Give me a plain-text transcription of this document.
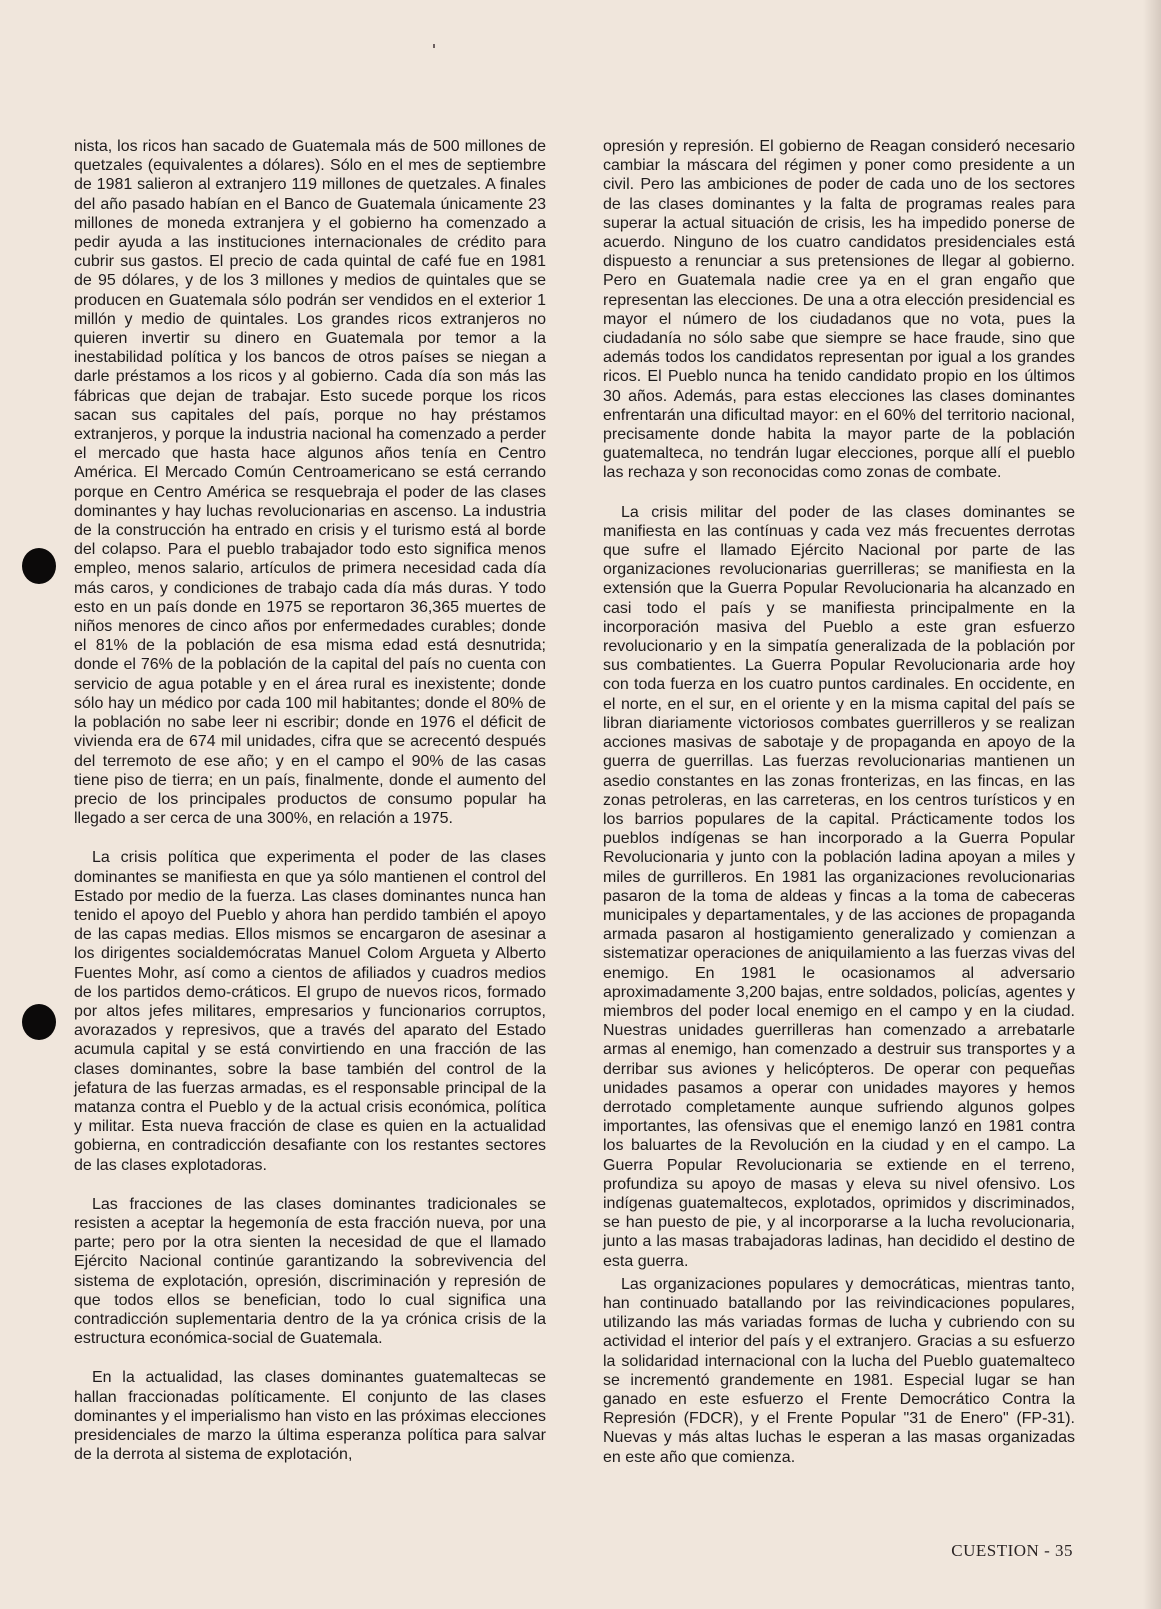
nista, los ricos han sacado de Guatemala más de 500 millones de quetzales (equivalentes a dólares). Sólo en el mes de septiembre de 1981 salieron al extranjero 119 millones de quetzales. A finales del año pasado habían en el Banco de Guatemala únicamente 23 millones de moneda extranjera y el gobierno ha comenzado a pedir ayuda a las instituciones internacionales de crédito para cubrir sus gastos. El precio de cada quintal de café fue en 1981 de 95 dólares, y de los 3 millones y medios de quintales que se producen en Guatemala sólo podrán ser vendidos en el exterior 1 millón y medio de quintales. Los grandes ricos extranjeros no quieren invertir su dinero en Guatemala por temor a la inestabilidad política y los bancos de otros países se niegan a darle préstamos a los ricos y al gobierno. Cada día son más las fábricas que dejan de trabajar. Esto sucede porque los ricos sacan sus capitales del país, porque no hay préstamos extranjeros, y porque la industria nacional ha comenzado a perder el mercado que hasta hace algunos años tenía en Centro América. El Mercado Común Centroamericano se está cerrando porque en Centro América se resquebraja el poder de las clases dominantes y hay luchas revolucionarias en ascenso. La industria de la construcción ha entrado en crisis y el turismo está al borde del colapso. Para el pueblo trabajador todo esto significa menos empleo, menos salario, artículos de primera necesidad cada día más caros, y condiciones de trabajo cada día más duras. Y todo esto en un país donde en 1975 se reportaron 36,365 muertes de niños menores de cinco años por enfermedades curables; donde el 81% de la población de esa misma edad está desnutrida; donde el 76% de la población de la capital del país no cuenta con servicio de agua potable y en el área rural es inexistente; donde sólo hay un médico por cada 100 mil habitantes; donde el 80% de la población no sabe leer ni escribir; donde en 1976 el déficit de vivienda era de 674 mil unidades, cifra que se acrecentó después del terremoto de ese año; y en el campo el 90% de las casas tiene piso de tierra; en un país, finalmente, donde el aumento del precio de los principales productos de consumo popular ha llegado a ser cerca de una 300%, en relación a 1975.

La crisis política que experimenta el poder de las clases dominantes se manifiesta en que ya sólo mantienen el control del Estado por medio de la fuerza. Las clases dominantes nunca han tenido el apoyo del Pueblo y ahora han perdido también el apoyo de las capas medias. Ellos mismos se encargaron de asesinar a los dirigentes socialdemócratas Manuel Colom Argueta y Alberto Fuentes Mohr, así como a cientos de afiliados y cuadros medios de los partidos demo-cráticos. El grupo de nuevos ricos, formado por altos jefes militares, empresarios y funcionarios corruptos, avorazados y represivos, que a través del aparato del Estado acumula capital y se está convirtiendo en una fracción de las clases dominantes, sobre la base también del control de la jefatura de las fuerzas armadas, es el responsable principal de la matanza contra el Pueblo y de la actual crisis económica, política y militar. Esta nueva fracción de clase es quien en la actualidad gobierna, en contradicción desafiante con los restantes sectores de las clases explotadoras.

Las fracciones de las clases dominantes tradicionales se resisten a aceptar la hegemonía de esta fracción nueva, por una parte; pero por la otra sienten la necesidad de que el llamado Ejército Nacional continúe garantizando la sobrevivencia del sistema de explotación, opresión, discriminación y represión de que todos ellos se benefician, todo lo cual significa una contradicción suplementaria dentro de la ya crónica crisis de la estructura económica-social de Guatemala.

En la actualidad, las clases dominantes guatemaltecas se hallan fraccionadas políticamente. El conjunto de las clases dominantes y el imperialismo han visto en las próximas elecciones presidenciales de marzo la última esperanza política para salvar de la derrota al sistema de explotación,

opresión y represión. El gobierno de Reagan consideró necesario cambiar la máscara del régimen y poner como presidente a un civil. Pero las ambiciones de poder de cada uno de los sectores de las clases dominantes y la falta de programas reales para superar la actual situación de crisis, les ha impedido ponerse de acuerdo. Ninguno de los cuatro candidatos presidenciales está dispuesto a renunciar a sus pretensiones de llegar al gobierno. Pero en Guatemala nadie cree ya en el gran engaño que representan las elecciones. De una a otra elección presidencial es mayor el número de los ciudadanos que no vota, pues la ciudadanía no sólo sabe que siempre se hace fraude, sino que además todos los candidatos representan por igual a los grandes ricos. El Pueblo nunca ha tenido candidato propio en los últimos 30 años. Además, para estas elecciones las clases dominantes enfrentarán una dificultad mayor: en el 60% del territorio nacional, precisamente donde habita la mayor parte de la población guatemalteca, no tendrán lugar elecciones, porque allí el pueblo las rechaza y son reconocidas como zonas de combate.

La crisis militar del poder de las clases dominantes se manifiesta en las contínuas y cada vez más frecuentes derrotas que sufre el llamado Ejército Nacional por parte de las organizaciones revolucionarias guerrilleras; se manifiesta en la extensión que la Guerra Popular Revolucionaria ha alcanzado en casi todo el país y se manifiesta principalmente en la incorporación masiva del Pueblo a este gran esfuerzo revolucionario y en la simpatía generalizada de la población por sus combatientes. La Guerra Popular Revolucionaria arde hoy con toda fuerza en los cuatro puntos cardinales. En occidente, en el norte, en el sur, en el oriente y en la misma capital del país se libran diariamente victoriosos combates guerrilleros y se realizan acciones masivas de sabotaje y de propaganda en apoyo de la guerra de guerrillas. Las fuerzas revolucionarias mantienen un asedio constantes en las zonas fronterizas, en las fincas, en las zonas petroleras, en las carreteras, en los centros turísticos y en los barrios populares de la capital. Prácticamente todos los pueblos indígenas se han incorporado a la Guerra Popular Revolucionaria y junto con la población ladina apoyan a miles y miles de gurrilleros. En 1981 las organizaciones revolucionarias pasaron de la toma de aldeas y fincas a la toma de cabeceras municipales y departamentales, y de las acciones de propaganda armada pasaron al hostigamiento generalizado y comienzan a sistematizar operaciones de aniquilamiento a las fuerzas vivas del enemigo. En 1981 le ocasionamos al adversario aproximadamente 3,200 bajas, entre soldados, policías, agentes y miembros del poder local enemigo en el campo y en la ciudad. Nuestras unidades guerrilleras han comenzado a arrebatarle armas al enemigo, han comenzado a destruir sus transportes y a derribar sus aviones y helicópteros. De operar con pequeñas unidades pasamos a operar con unidades mayores y hemos derrotado completamente aunque sufriendo algunos golpes importantes, las ofensivas que el enemigo lanzó en 1981 contra los baluartes de la Revolución en la ciudad y en el campo. La Guerra Popular Revolucionaria se extiende en el terreno, profundiza su apoyo de masas y eleva su nivel ofensivo. Los indígenas guatemaltecos, explotados, oprimidos y discriminados, se han puesto de pie, y al incorporarse a la lucha revolucionaria, junto a las masas trabajadoras ladinas, han decidido el destino de esta guerra.

Las organizaciones populares y democráticas, mientras tanto, han continuado batallando por las reivindicaciones populares, utilizando las más variadas formas de lucha y cubriendo con su actividad el interior del país y el extranjero. Gracias a su esfuerzo la solidaridad internacional con la lucha del Pueblo guatemalteco se incrementó grandemente en 1981. Especial lugar se han ganado en este esfuerzo el Frente Democrático Contra la Represión (FDCR), y el Frente Popular "31 de Enero" (FP-31). Nuevas y más altas luchas le esperan a las masas organizadas en este año que comienza.

CUESTION - 35
